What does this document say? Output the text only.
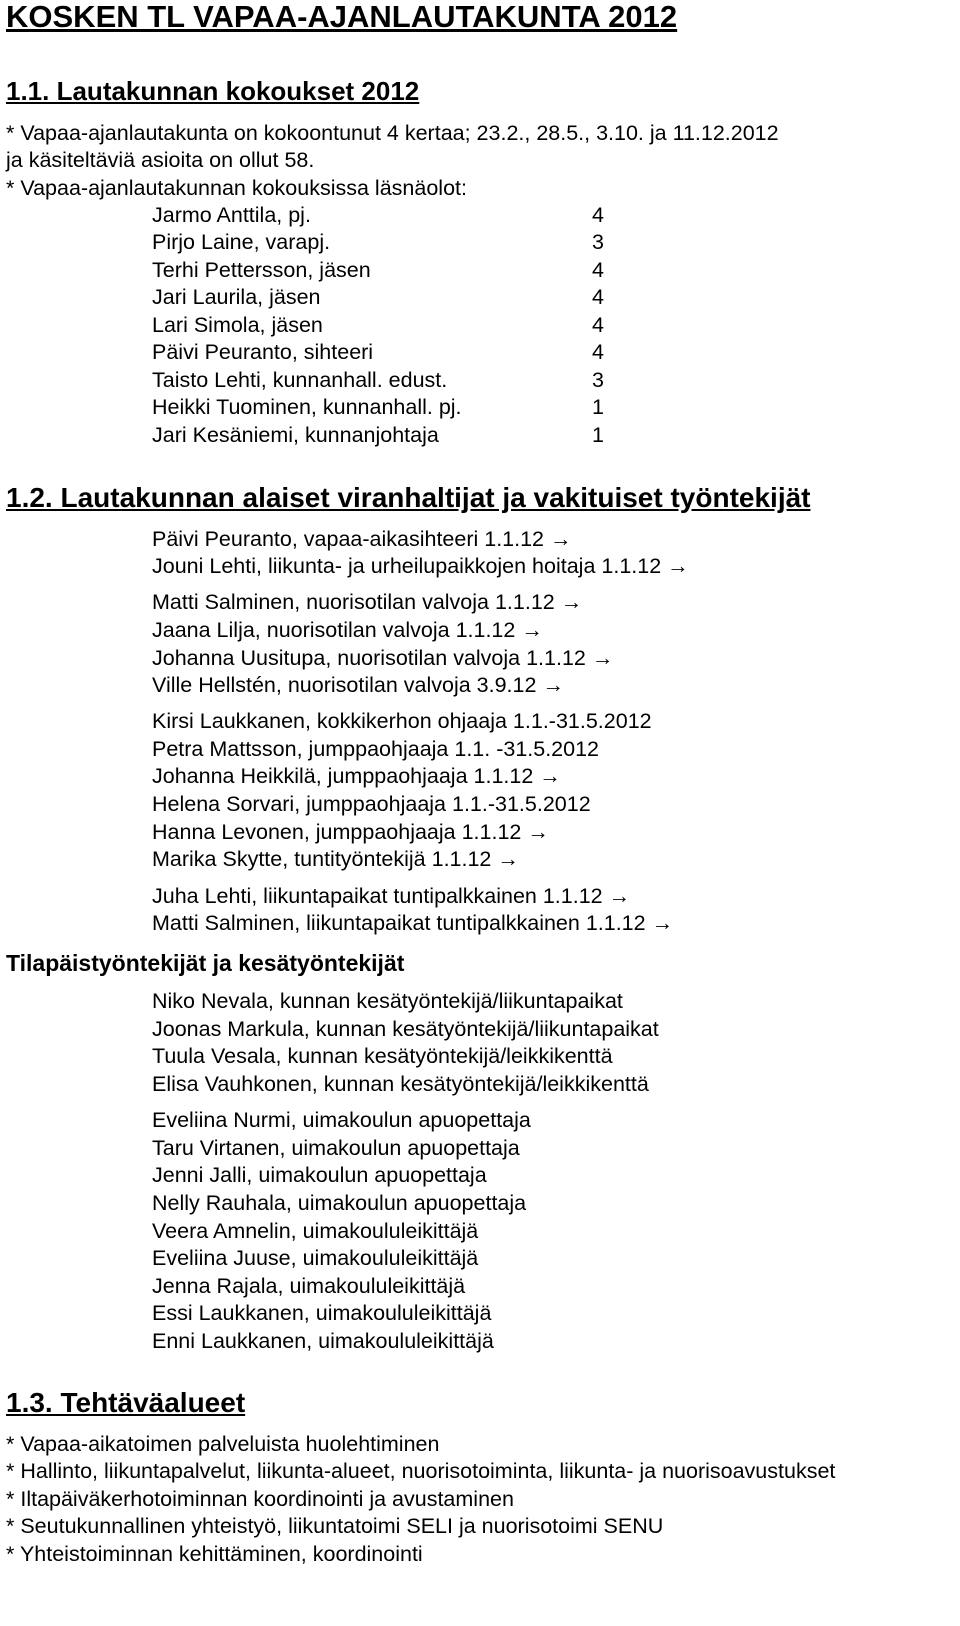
KOSKEN TL VAPAA-AJANLAUTAKUNTA 2012
1.1. Lautakunnan kokoukset 2012
* Vapaa-ajanlautakunta on kokoontunut 4 kertaa; 23.2., 28.5., 3.10. ja 11.12.2012
ja käsiteltäviä asioita on ollut 58.
* Vapaa-ajanlautakunnan kokouksissa läsnäolot:
Jarmo Anttila, pj.	4
Pirjo Laine, varapj.	3
Terhi Pettersson, jäsen	4
Jari Laurila, jäsen	4
Lari Simola, jäsen	4
Päivi Peuranto, sihteeri	4
Taisto Lehti, kunnanhall. edust.	3
Heikki Tuominen, kunnanhall. pj.	1
Jari Kesäniemi, kunnanjohtaja	1
1.2. Lautakunnan alaiset viranhaltijat ja vakituiset työntekijät
Päivi Peuranto, vapaa-aikasihteeri 1.1.12 →
Jouni Lehti, liikunta- ja urheilupaikkojen hoitaja 1.1.12 →
Matti Salminen, nuorisotilan valvoja 1.1.12 →
Jaana Lilja, nuorisotilan valvoja 1.1.12 →
Johanna Uusitupa, nuorisotilan valvoja 1.1.12 →
Ville Hellstén, nuorisotilan valvoja 3.9.12 →
Kirsi Laukkanen, kokkikerhon ohjaaja 1.1.-31.5.2012
Petra Mattsson, jumppaohjaaja 1.1. -31.5.2012
Johanna Heikkilä, jumppaohjaaja 1.1.12 →
Helena Sorvari, jumppaohjaaja 1.1.-31.5.2012
Hanna Levonen, jumppaohjaaja 1.1.12 →
Marika Skytte, tuntityöntekijä 1.1.12 →
Juha Lehti, liikuntapaikat tuntipalkkainen 1.1.12 →
Matti Salminen, liikuntapaikat tuntipalkkainen 1.1.12 →
Tilapäistyöntekijät ja kesätyöntekijät
Niko Nevala, kunnan kesätyöntekijä/liikuntapaikat
Joonas Markula, kunnan kesätyöntekijä/liikuntapaikat
Tuula Vesala, kunnan kesätyöntekijä/leikkikenttä
Elisa Vauhkonen, kunnan kesätyöntekijä/leikkikenttä
Eveliina Nurmi, uimakoulun apuopettaja
Taru Virtanen, uimakoulun apuopettaja
Jenni Jalli, uimakoulun apuopettaja
Nelly Rauhala, uimakoulun apuopettaja
Veera Amnelin, uimakoululeikittäjä
Eveliina Juuse, uimakoululeikittäjä
Jenna Rajala, uimakoululeikittäjä
Essi Laukkanen, uimakoululeikittäjä
Enni Laukkanen, uimakoululeikittäjä
1.3. Tehtäväalueet
* Vapaa-aikatoimen palveluista huolehtiminen
* Hallinto, liikuntapalvelut, liikunta-alueet, nuorisotoiminta, liikunta- ja nuorisoavustukset
* Iltapäiväkerhotoiminnan koordinointi ja avustaminen
* Seutukunnallinen yhteistyö, liikuntatoimi SELI ja nuorisotoimi SENU
* Yhteistoiminnan kehittäminen, koordinointi
